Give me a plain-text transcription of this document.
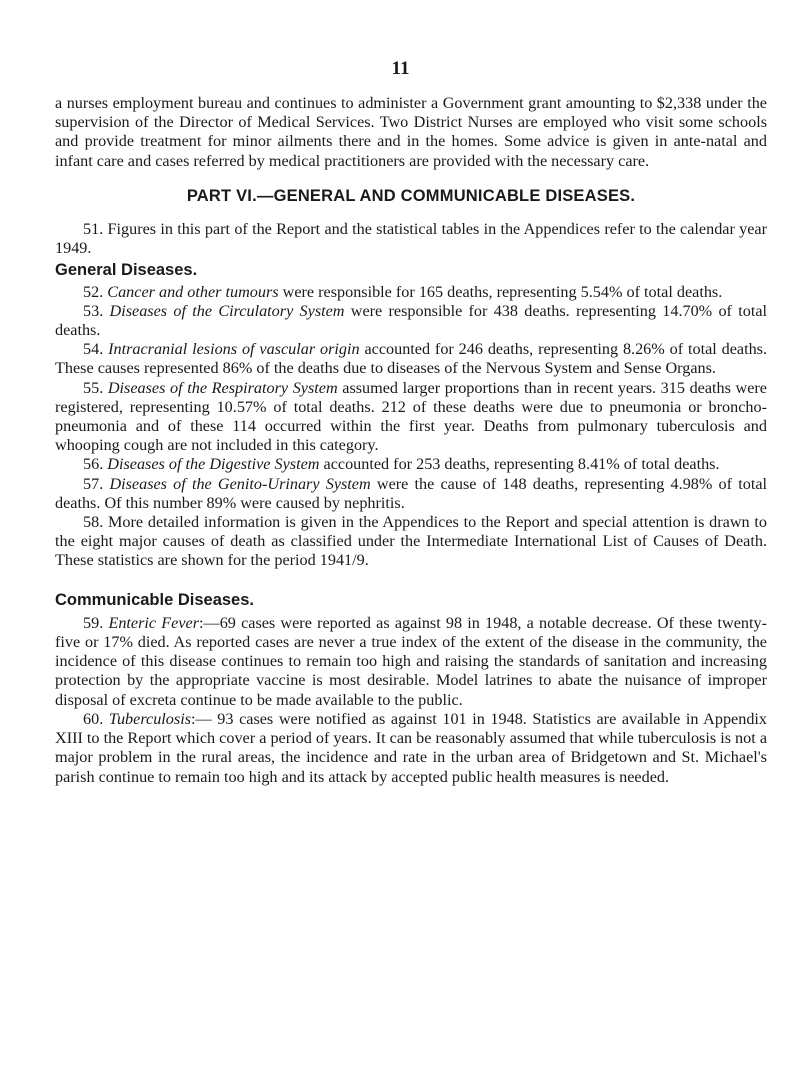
11

a nurses employment bureau and continues to administer a Government grant amounting to $2,338 under the supervision of the Director of Medical Services. Two District Nurses are employed who visit some schools and provide treatment for minor ailments there and in the homes. Some advice is given in ante-natal and infant care and cases referred by medical practitioners are provided with the necessary care.

PART VI.—GENERAL AND COMMUNICABLE DISEASES.

51. Figures in this part of the Report and the statistical tables in the Appendices refer to the calendar year 1949.

General Diseases.

52. Cancer and other tumours were responsible for 165 deaths, representing 5.54% of total deaths.

53. Diseases of the Circulatory System were responsible for 438 deaths. representing 14.70% of total deaths.

54. Intracranial lesions of vascular origin accounted for 246 deaths, representing 8.26% of total deaths. These causes represented 86% of the deaths due to diseases of the Nervous System and Sense Organs.

55. Diseases of the Respiratory System assumed larger proportions than in recent years. 315 deaths were registered, representing 10.57% of total deaths. 212 of these deaths were due to pneumonia or broncho-pneumonia and of these 114 occurred within the first year. Deaths from pulmonary tuberculosis and whooping cough are not included in this category.

56. Diseases of the Digestive System accounted for 253 deaths, representing 8.41% of total deaths.

57. Diseases of the Genito-Urinary System were the cause of 148 deaths, representing 4.98% of total deaths. Of this number 89% were caused by nephritis.

58. More detailed information is given in the Appendices to the Report and special attention is drawn to the eight major causes of death as classified under the Intermediate International List of Causes of Death. These statistics are shown for the period 1941/9.

Communicable Diseases.

59. Enteric Fever:—69 cases were reported as against 98 in 1948, a notable decrease. Of these twenty-five or 17% died. As reported cases are never a true index of the extent of the disease in the community, the incidence of this disease continues to remain too high and raising the standards of sanitation and increasing protection by the appropriate vaccine is most desirable. Model latrines to abate the nuisance of improper disposal of excreta continue to be made available to the public.

60. Tuberculosis:— 93 cases were notified as against 101 in 1948. Statistics are available in Appendix XIII to the Report which cover a period of years. It can be reasonably assumed that while tuberculosis is not a major problem in the rural areas, the incidence and rate in the urban area of Bridgetown and St. Michael's parish continue to remain too high and its attack by accepted public health measures is needed.
